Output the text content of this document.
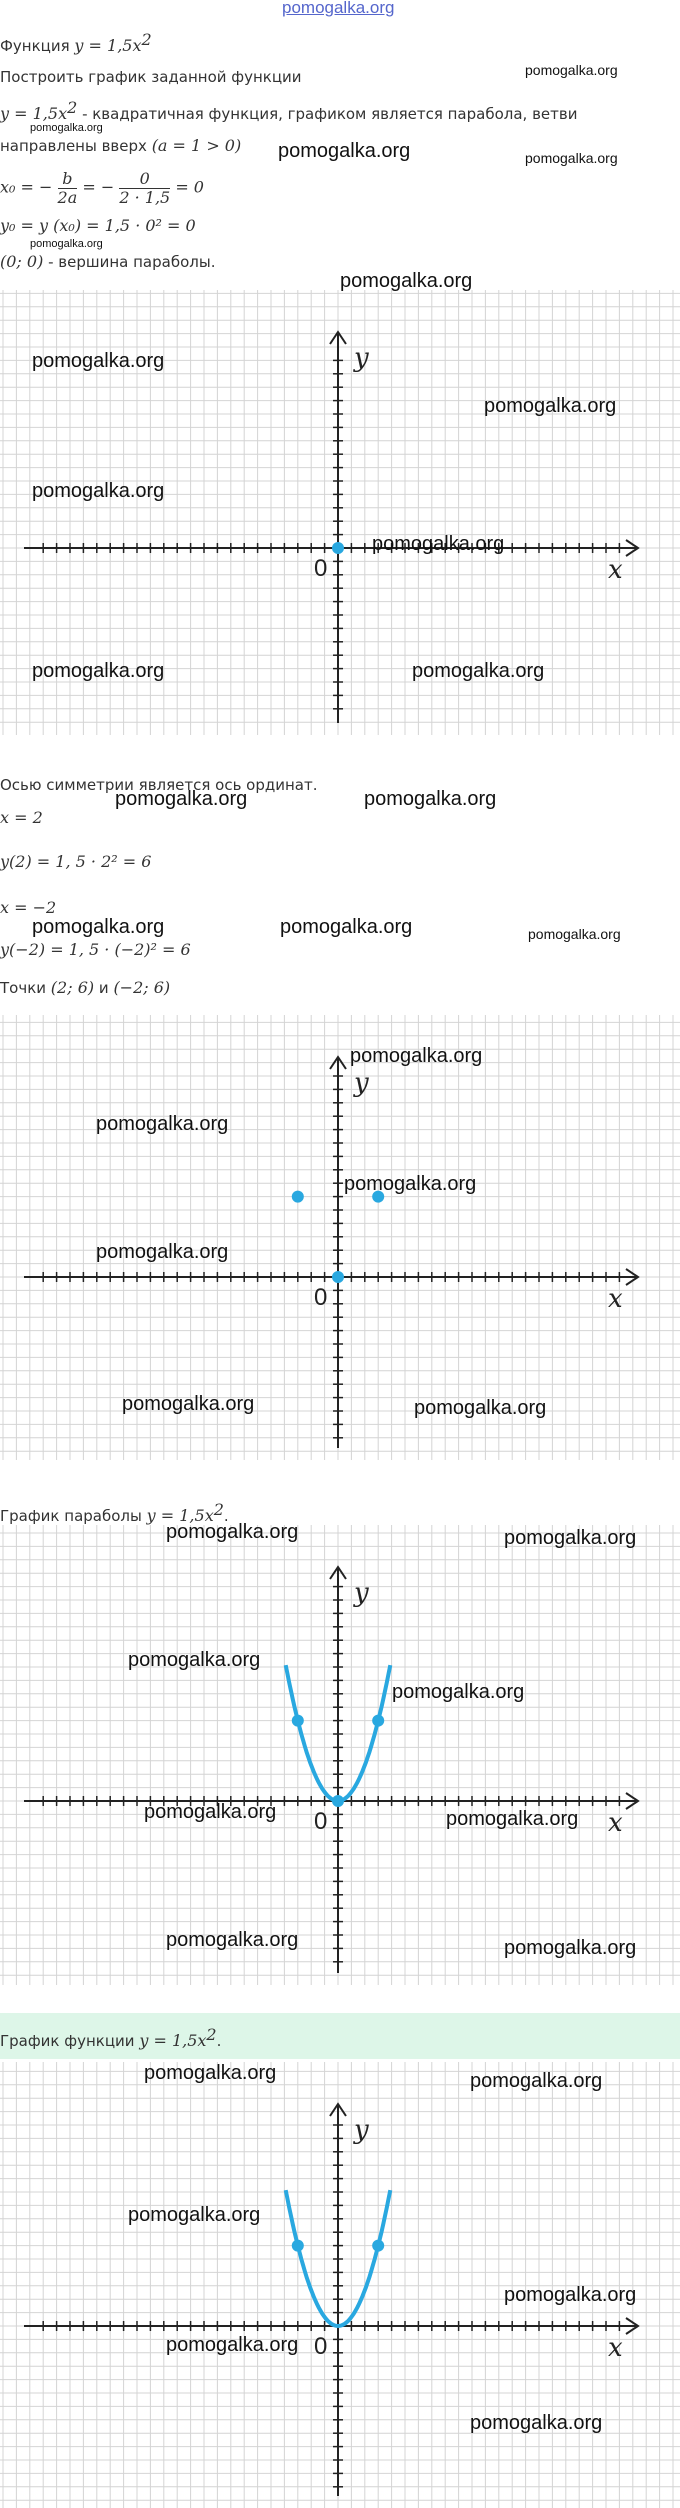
pomogalka.org
Функция $y = 1,5x^2$
Построить график заданной функции	pomogalka.org
$y = 1,5x^2$ - квадратичная функция, графиком является парабола, ветви
pomogalka.org
направлены вверх (a = 1 > 0) pomogalka.org	pomogalka.org
x₀ = − $\frac{b}{2a}$ = − $\frac{0}{2 \cdot 1,5} = 0$
y₀ = y (x₀) = 1,5 · 0² = 0
pomogalka.org
(0; 0) - вершина параболы.
pomogalka.org
x
y
0
pomogalka.org
pomogalka.org
pomogalka.org
pomogalka.org
pomogalka.org	pomogalka.org
Осью симметрии является ось ординат.
pomogalka.org	pomogalka.org
x = 2
y(2) = 1, 5 · 2² = 6
x = −2
pomogalka.org	pomogalka.org	pomogalka.org
y(−2) = 1, 5 · (−2)² = 6
Точки (2; 6) и (−2; 6)
x
y
0
pomogalka.org
pomogalka.org
pomogalka.org
pomogalka.org
pomogalka.org	pomogalka.org
График параболы $y = 1,5x^2$.
x
y
0
pomogalka.org	pomogalka.org
pomogalka.org
pomogalka.org
pomogalka.org	pomogalka.org
pomogalka.org	pomogalka.org
График функции $y = 1,5x^2$.
x
y
0
pomogalka.org	pomogalka.org
pomogalka.org
pomogalka.org
pomogalka.org
pomogalka.org
